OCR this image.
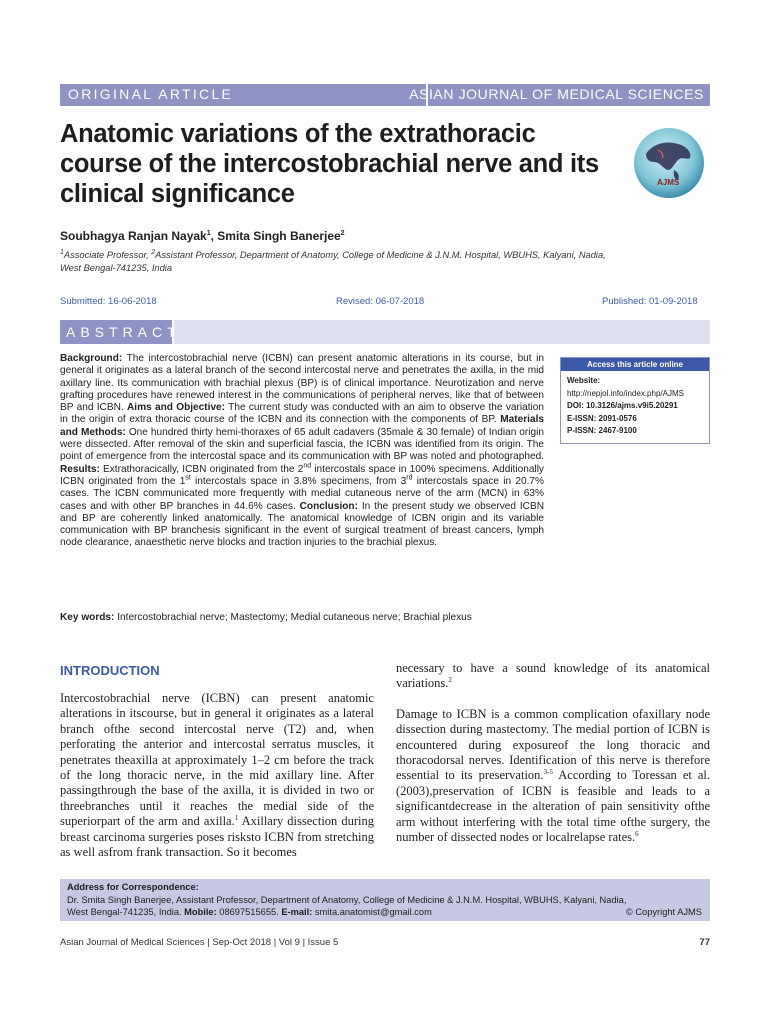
ORIGINAL ARTICLE	ASIAN JOURNAL OF MEDICAL SCIENCES
Anatomic variations of the extrathoracic course of the intercostobrachial nerve and its clinical significance	AJMS
Soubhagya Ranjan Nayak$^1$, Smita Singh Banerjee$^2$
$^1$Associate Professor, $^2$Assistant Professor, Department of Anatomy, College of Medicine & J.N.M. Hospital, WBUHS, Kalyani, Nadia, West Bengal-741235, India
Submitted: 16-06-2018	Revised: 06-07-2018	Published: 01-09-2018
ABSTRACT
Background: The intercostobrachial nerve (ICBN) can present anatomic alterations in its course, but in general it originates as a lateral branch of the second intercostal nerve and penetrates the axilla, in the mid axillary line. Its communication with brachial plexus (BP) is of clinical importance. Neurotization and nerve grafting procedures have renewed interest in the communications of peripheral nerves, like that of between BP and ICBN. Aims and Objective: The current study was conducted with an aim to observe the variation in the origin of extra thoracic course of the ICBN and its connection with the components of BP. Materials and Methods: One hundred thirty hemi-thoraxes of 65 adult cadavers (35male & 30 female) of Indian origin were dissected. After removal of the skin and superficial fascia, the ICBN was identified from its origin. The point of emergence from the intercostal space and its communication with BP was noted and photographed. Results: Extrathoracically, ICBN originated from the 2nd intercostals space in 100% specimens. Additionally ICBN originated from the 1st intercostals space in 3.8% specimens, from 3rd intercostals space in 20.7% cases. The ICBN communicated more frequently with medial cutaneous nerve of the arm (MCN) in 63% cases and with other BP branches in 44.6% cases. Conclusion: In the present study we observed ICBN and BP are coherently linked anatomically. The anatomical knowledge of ICBN origin and its variable communication with BP branchesis significant in the event of surgical treatment of breast cancers, lymph node clearance, anaesthetic nerve blocks and traction injuries to the brachial plexus.
Key words: Intercostobrachial nerve; Mastectomy; Medial cutaneous nerve; Brachial plexus
Access this article online
Website:
http://nepjol.info/index.php/AJMS
DOI: 10.3126/ajms.v9i5.20291
E-ISSN: 2091-0576
P-ISSN: 2467-9100
INTRODUCTION

Intercostobrachial nerve (ICBN) can present anatomic alterations in itscourse, but in general it originates as a lateral branch ofthe second intercostal nerve (T2) and, when perforating the anterior and intercostal serratus muscles, it penetrates theaxilla at approximately 1–2 cm before the track of the long thoracic nerve, in the mid axillary line. After passingthrough the base of the axilla, it is divided in two or threebranches until it reaches the medial side of the superiorpart of the arm and axilla.$^1$ Axillary dissection during breast carcinoma surgeries poses risksto ICBN from stretching as well asfrom frank transaction. So it becomes

necessary to have a sound knowledge of its anatomical variations.$^2$

Damage to ICBN is a common complication ofaxillary node dissection during mastectomy. The medial portion of ICBN is encountered during exposureof the long thoracic and thoracodorsal nerves. Identification of this nerve is therefore essential to its preservation.$^{3-5}$ According to Toressan et al. (2003),preservation of ICBN is feasible and leads to a significantdecrease in the alteration of pain sensitivity ofthe arm without interfering with the total time ofthe surgery, the number of dissected nodes or localrelapse rates.$^6$

Address for Correspondence:
Dr. Smita Singh Banerjee, Assistant Professor, Department of Anatomy, College of Medicine & J.N.M. Hospital, WBUHS, Kalyani, Nadia,
West Bengal-741235, India. Mobile: 08697515655. E-mail: smita.anatomist@gmail.com	© Copyright AJMS
Asian Journal of Medical Sciences | Sep-Oct 2018 | Vol 9 | Issue 5	77
